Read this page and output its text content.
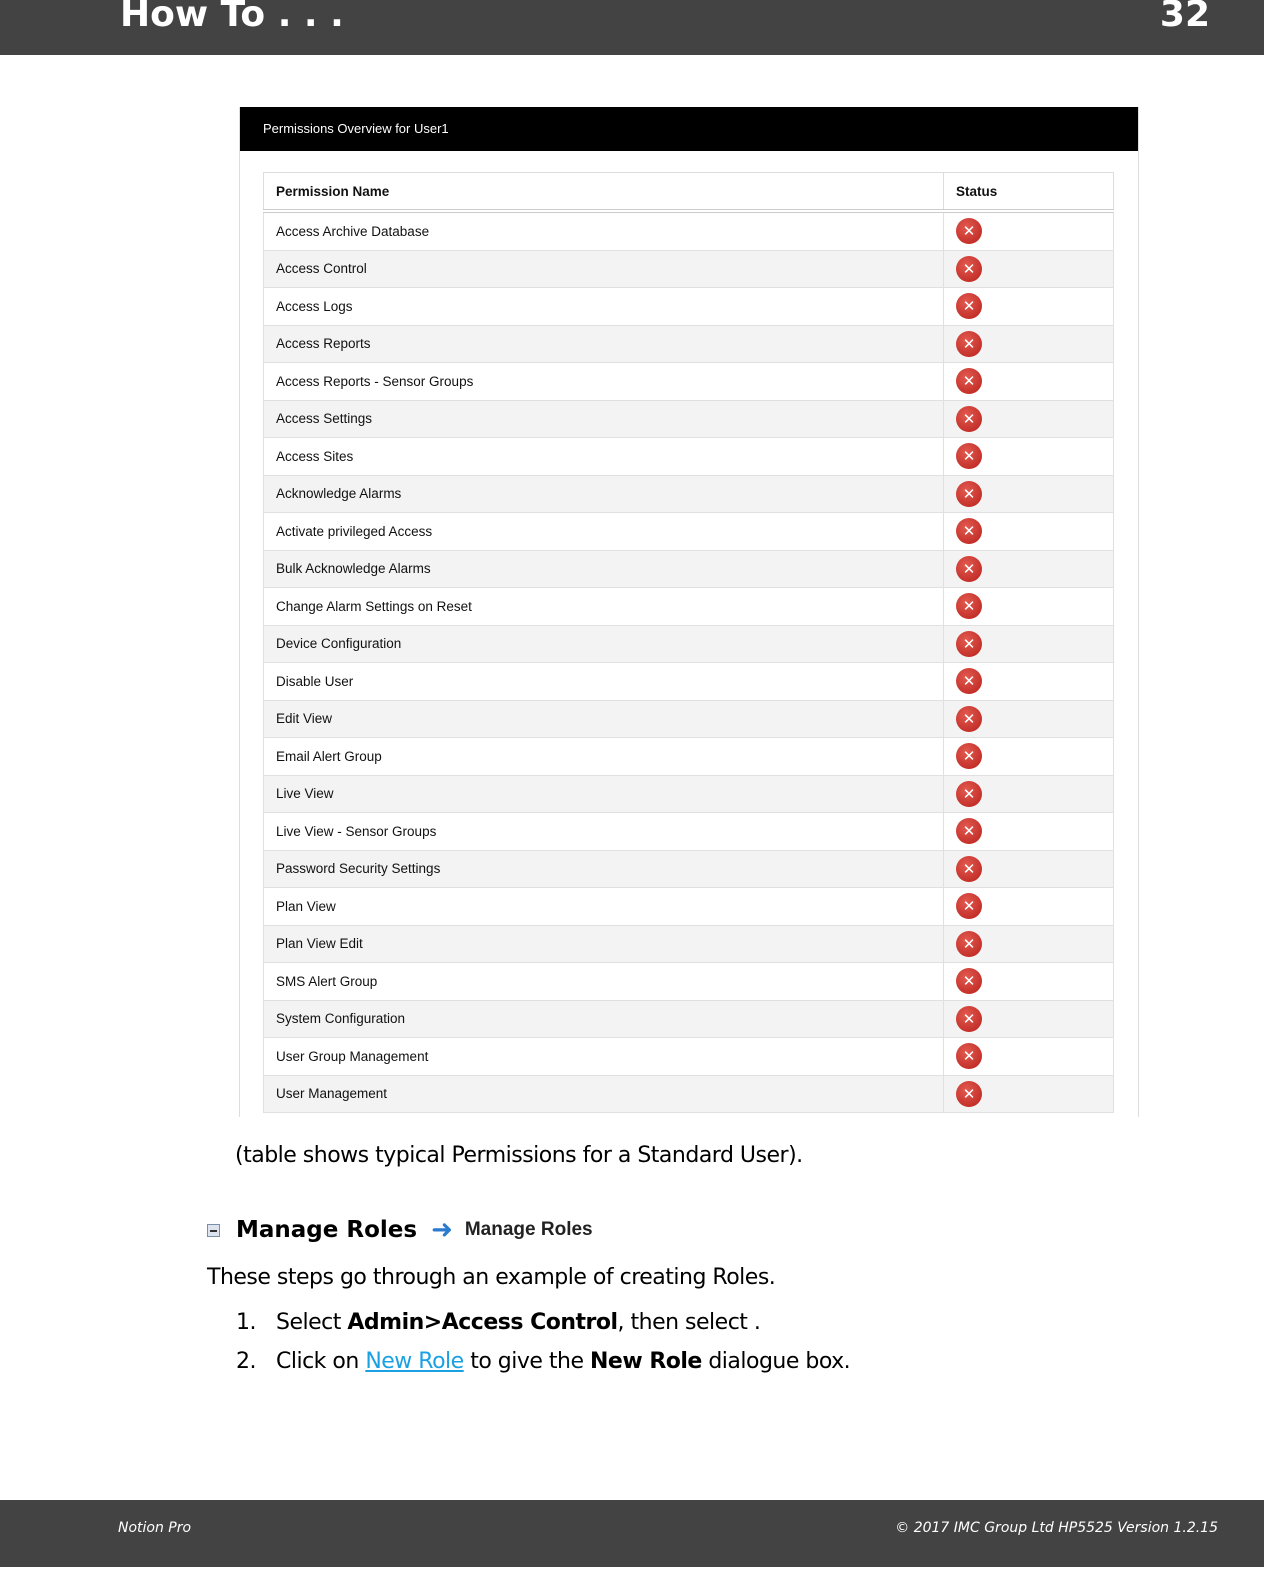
How To . . .	32
Permissions Overview for User1
Permission Name	Status
Access Archive Database	✕
Access Control	✕
Access Logs	✕
Access Reports	✕
Access Reports - Sensor Groups	✕
Access Settings	✕
Access Sites	✕
Acknowledge Alarms	✕
Activate privileged Access	✕
Bulk Acknowledge Alarms	✕
Change Alarm Settings on Reset	✕
Device Configuration	✕
Disable User	✕
Edit View	✕
Email Alert Group	✕
Live View	✕
Live View - Sensor Groups	✕
Password Security Settings	✕
Plan View	✕
Plan View Edit	✕
SMS Alert Group	✕
System Configuration	✕
User Group Management	✕
User Management	✕
(table shows typical Permissions for a Standard User).
Manage Roles ➜ Manage Roles
These steps go through an example of creating Roles.
1. Select Admin>Access Control, then select .
2. Click on New Role to give the New Role dialogue box.
Notion Pro	© 2017 IMC Group Ltd HP5525 Version 1.2.15
